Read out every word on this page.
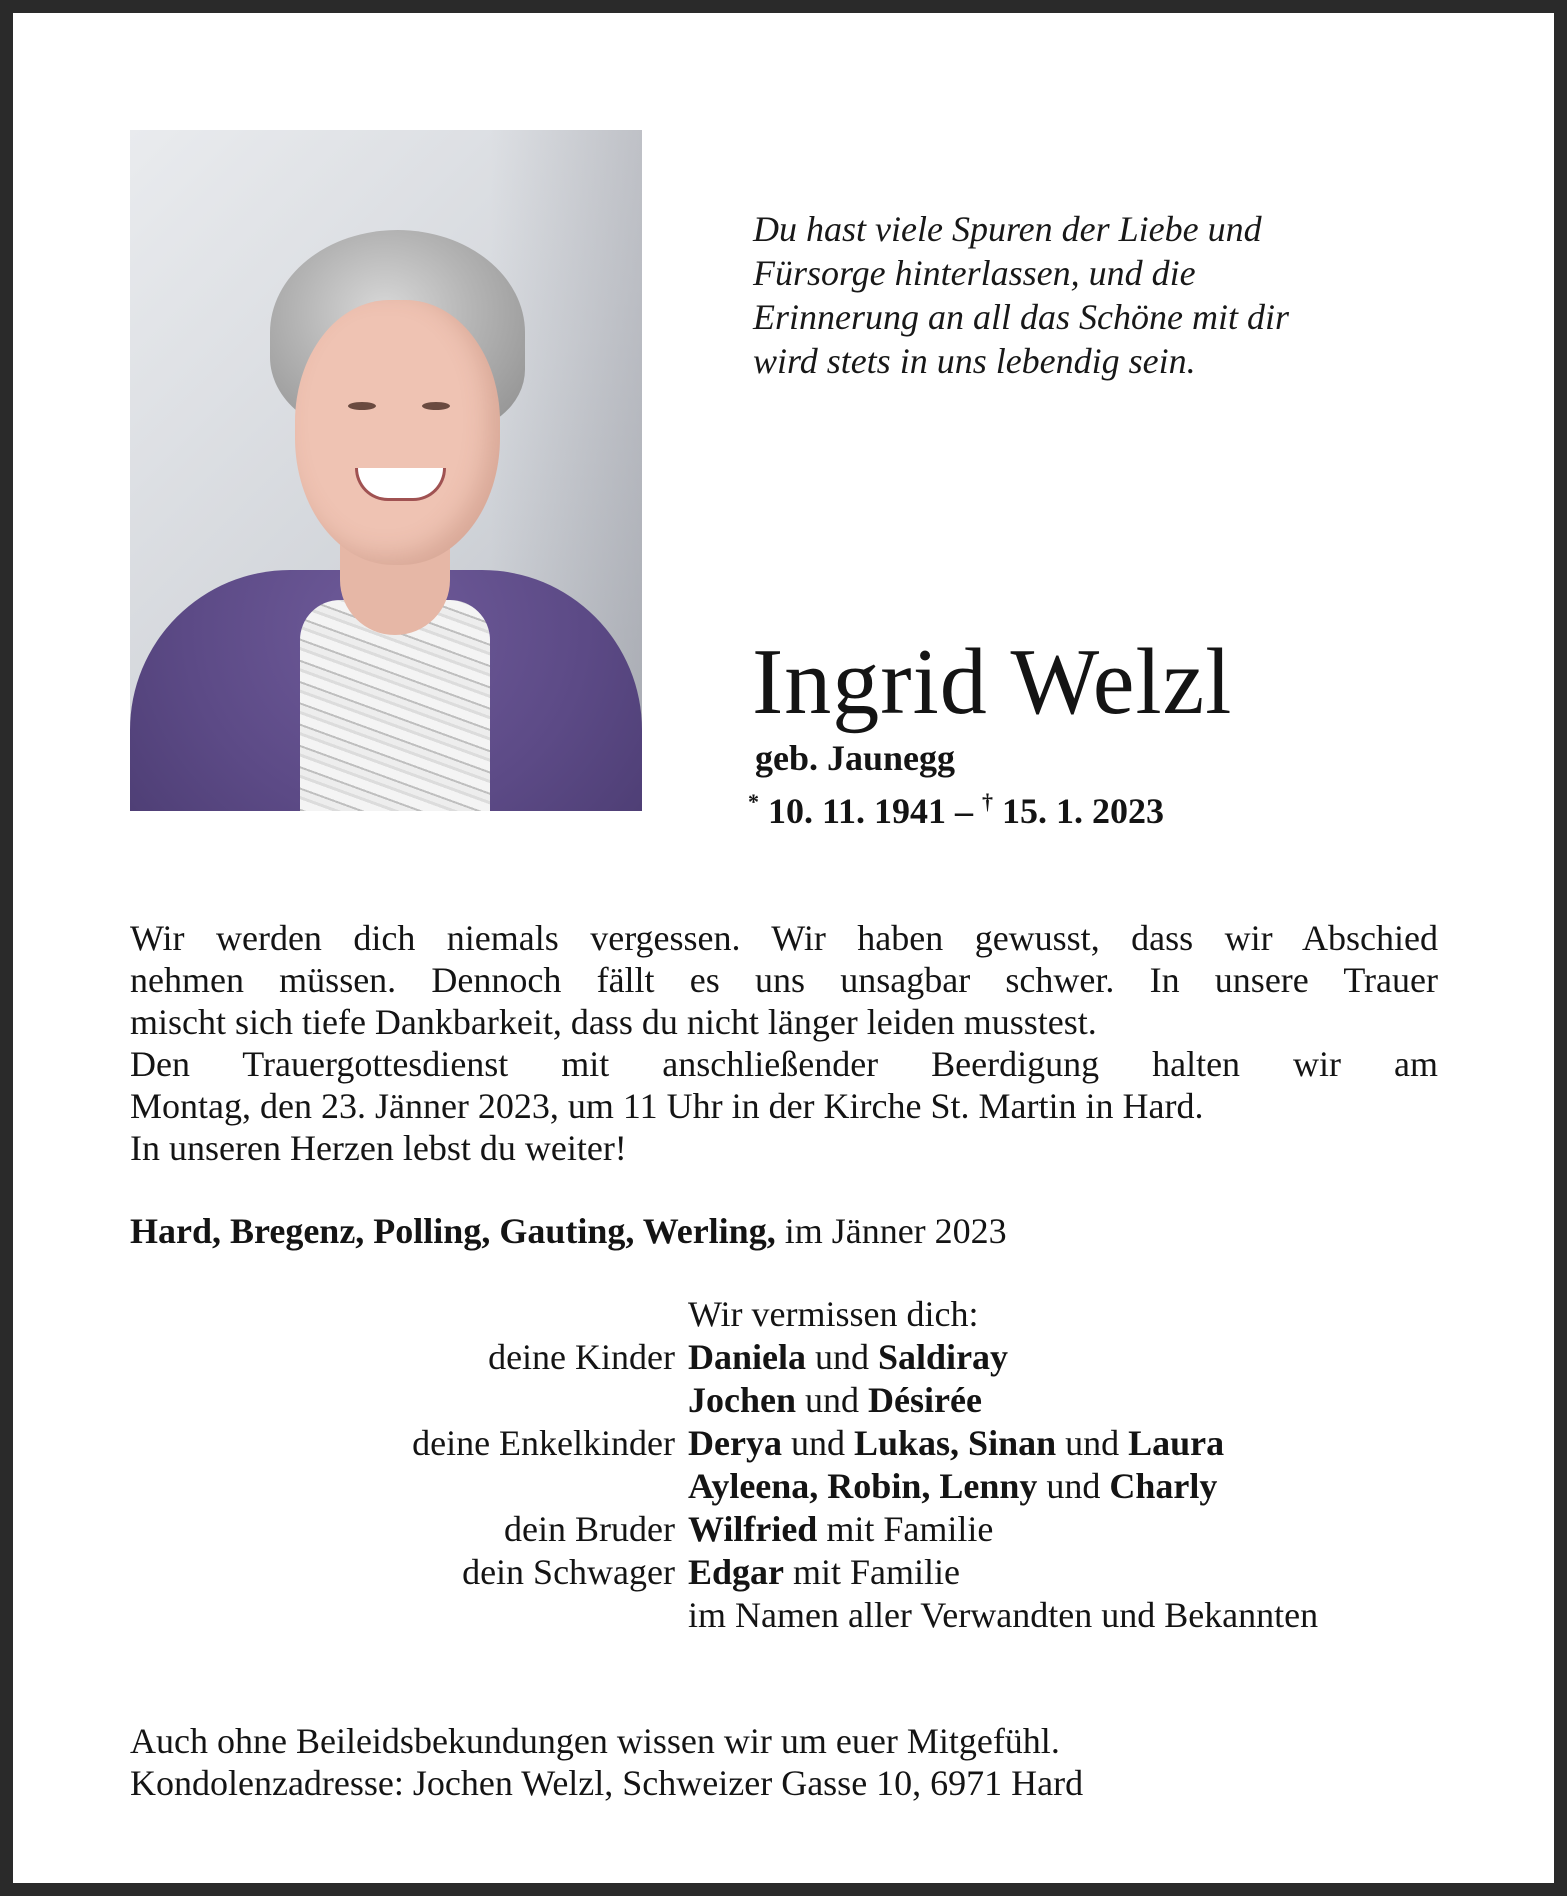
Du hast viele Spuren der Liebe und
Fürsorge hinterlassen, und die
Erinnerung an all das Schöne mit dir
wird stets in uns lebendig sein.

Ingrid Welzl
geb. Jaunegg
* 10. 11. 1941 – † 15. 1. 2023

Wir werden dich niemals vergessen. Wir haben gewusst, dass wir Abschied
nehmen müssen. Dennoch fällt es uns unsagbar schwer. In unsere Trauer
mischt sich tiefe Dankbarkeit, dass du nicht länger leiden musstest.
Den Trauergottesdienst mit anschließender Beerdigung halten wir am
Montag, den 23. Jänner 2023, um 11 Uhr in der Kirche St. Martin in Hard.
In unseren Herzen lebst du weiter!

Hard, Bregenz, Polling, Gauting, Werling, im Jänner 2023
Wir vermissen dich:
deine Kinder Daniela und Saldiray
Jochen und Désirée
deine Enkelkinder Derya und Lukas, Sinan und Laura
Ayleena, Robin, Lenny und Charly
dein Bruder Wilfried mit Familie
dein Schwager Edgar mit Familie
im Namen aller Verwandten und Bekannten

Auch ohne Beileidsbekundungen wissen wir um euer Mitgefühl.
Kondolenzadresse: Jochen Welzl, Schweizer Gasse 10, 6971 Hard
